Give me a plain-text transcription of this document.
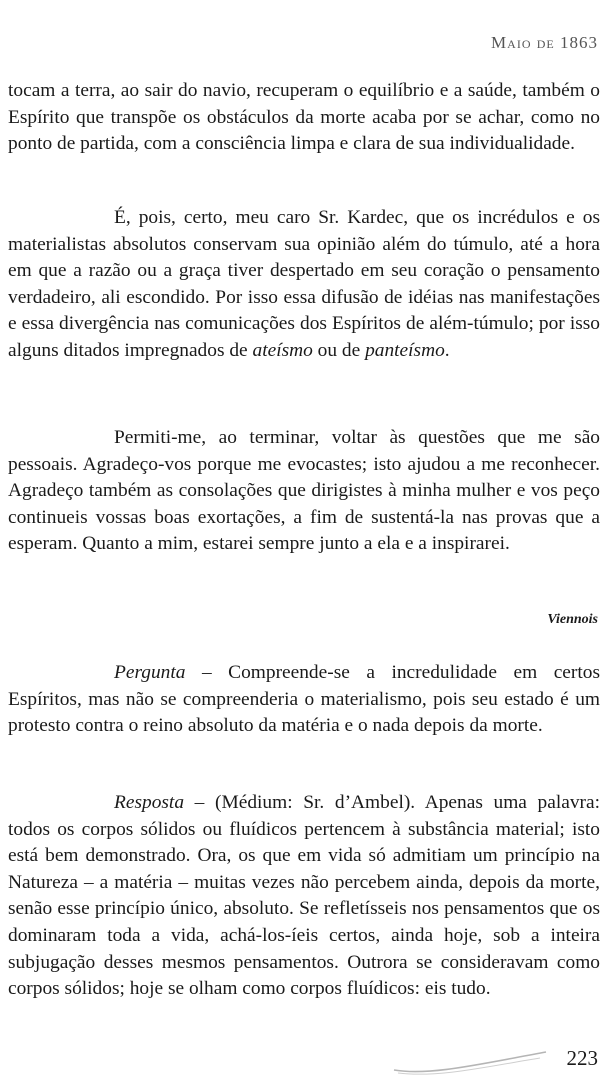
Maio de 1863

tocam a terra, ao sair do navio, recuperam o equilíbrio e a saúde, também o Espírito que transpõe os obstáculos da morte acaba por se achar, como no ponto de partida, com a consciência limpa e clara de sua individualidade.

É, pois, certo, meu caro Sr. Kardec, que os incrédulos e os materialistas absolutos conservam sua opinião além do túmulo, até a hora em que a razão ou a graça tiver despertado em seu coração o pensamento verdadeiro, ali escondido. Por isso essa difusão de idéias nas manifestações e essa divergência nas comunicações dos Espíritos de além-túmulo; por isso alguns ditados impregnados de ateísmo ou de panteísmo.

Permiti-me, ao terminar, voltar às questões que me são pessoais. Agradeço-vos porque me evocastes; isto ajudou a me reconhecer. Agradeço também as consolações que dirigistes à minha mulher e vos peço continueis vossas boas exortações, a fim de sustentá-la nas provas que a esperam. Quanto a mim, estarei sempre junto a ela e a inspirarei.

Viennois

Pergunta – Compreende-se a incredulidade em certos Espíritos, mas não se compreenderia o materialismo, pois seu estado é um protesto contra o reino absoluto da matéria e o nada depois da morte.

Resposta – (Médium: Sr. d’Ambel). Apenas uma palavra: todos os corpos sólidos ou fluídicos pertencem à substância material; isto está bem demonstrado. Ora, os que em vida só admitiam um princípio na Natureza – a matéria – muitas vezes não percebem ainda, depois da morte, senão esse princípio único, absoluto. Se refletísseis nos pensamentos que os dominaram toda a vida, achá-los-íeis certos, ainda hoje, sob a inteira subjugação desses mesmos pensamentos. Outrora se consideravam como corpos sólidos; hoje se olham como corpos fluídicos: eis tudo.

223
